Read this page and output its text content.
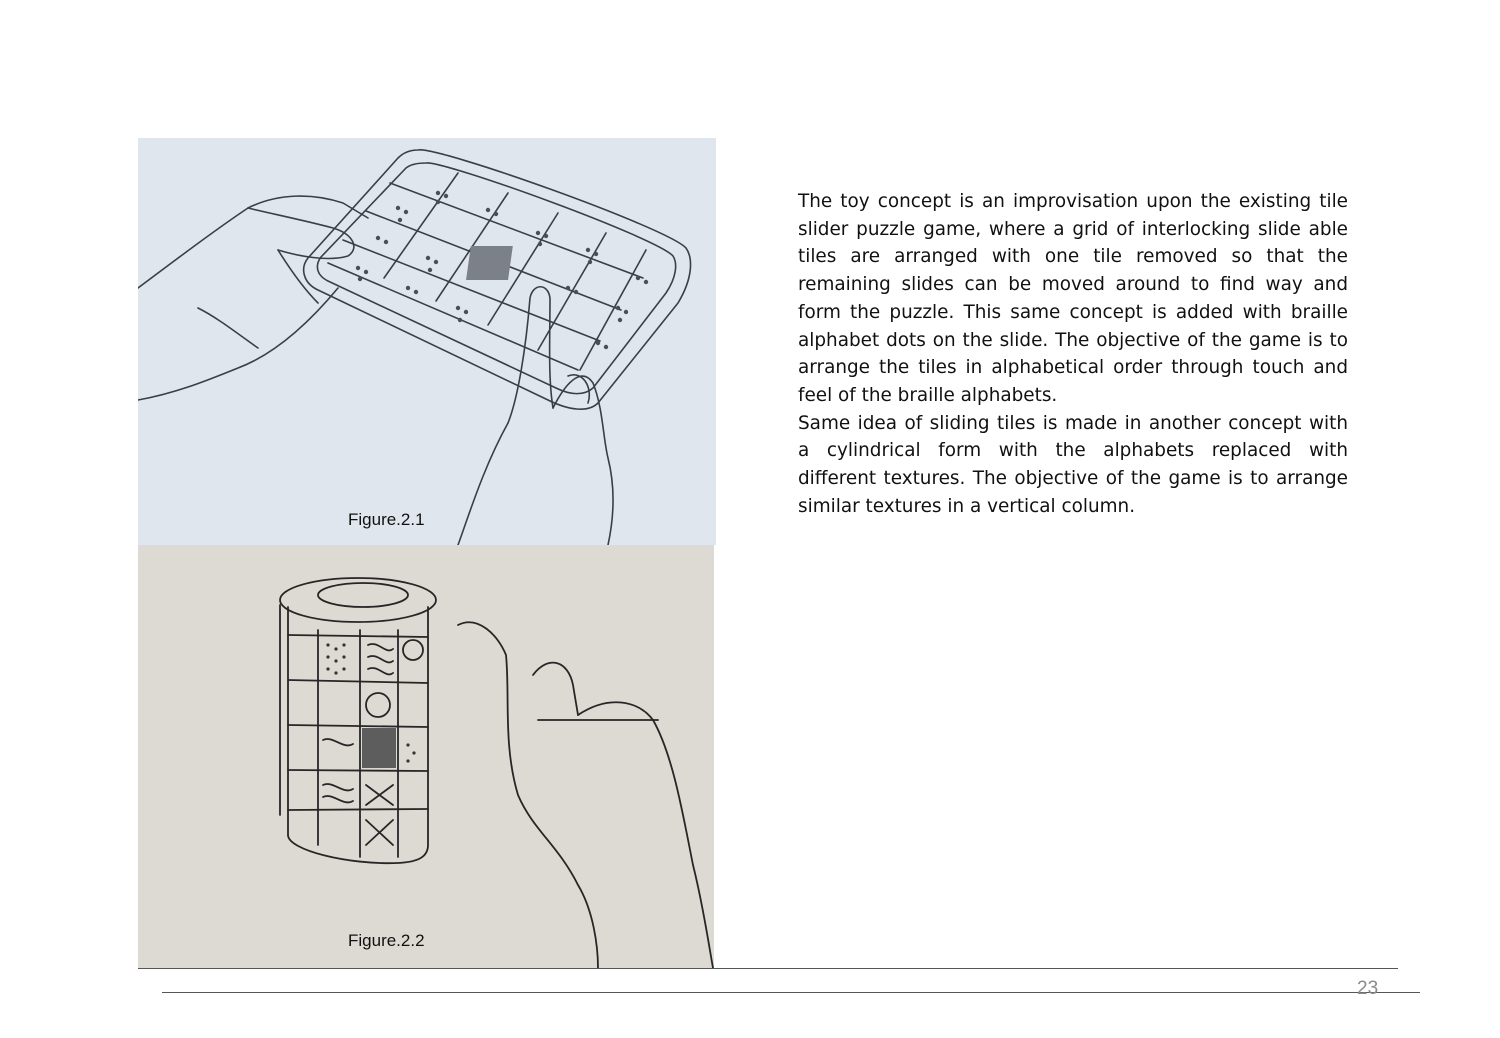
Figure.2.1
Figure.2.2

The toy concept is an improvisation upon the existing tile slider puzzle game, where a grid of interlocking slide able tiles are arranged with one tile removed so that the remaining slides can be moved around to find way and form the puzzle. This same concept is added with braille alphabet dots on the slide. The objective of the game is to arrange the tiles in alphabetical order through touch and feel of the braille alphabets.

Same idea of sliding tiles is made in another concept with a cylindrical form with the alphabets replaced with different textures. The objective of the game is to arrange similar textures in a vertical column.

23
